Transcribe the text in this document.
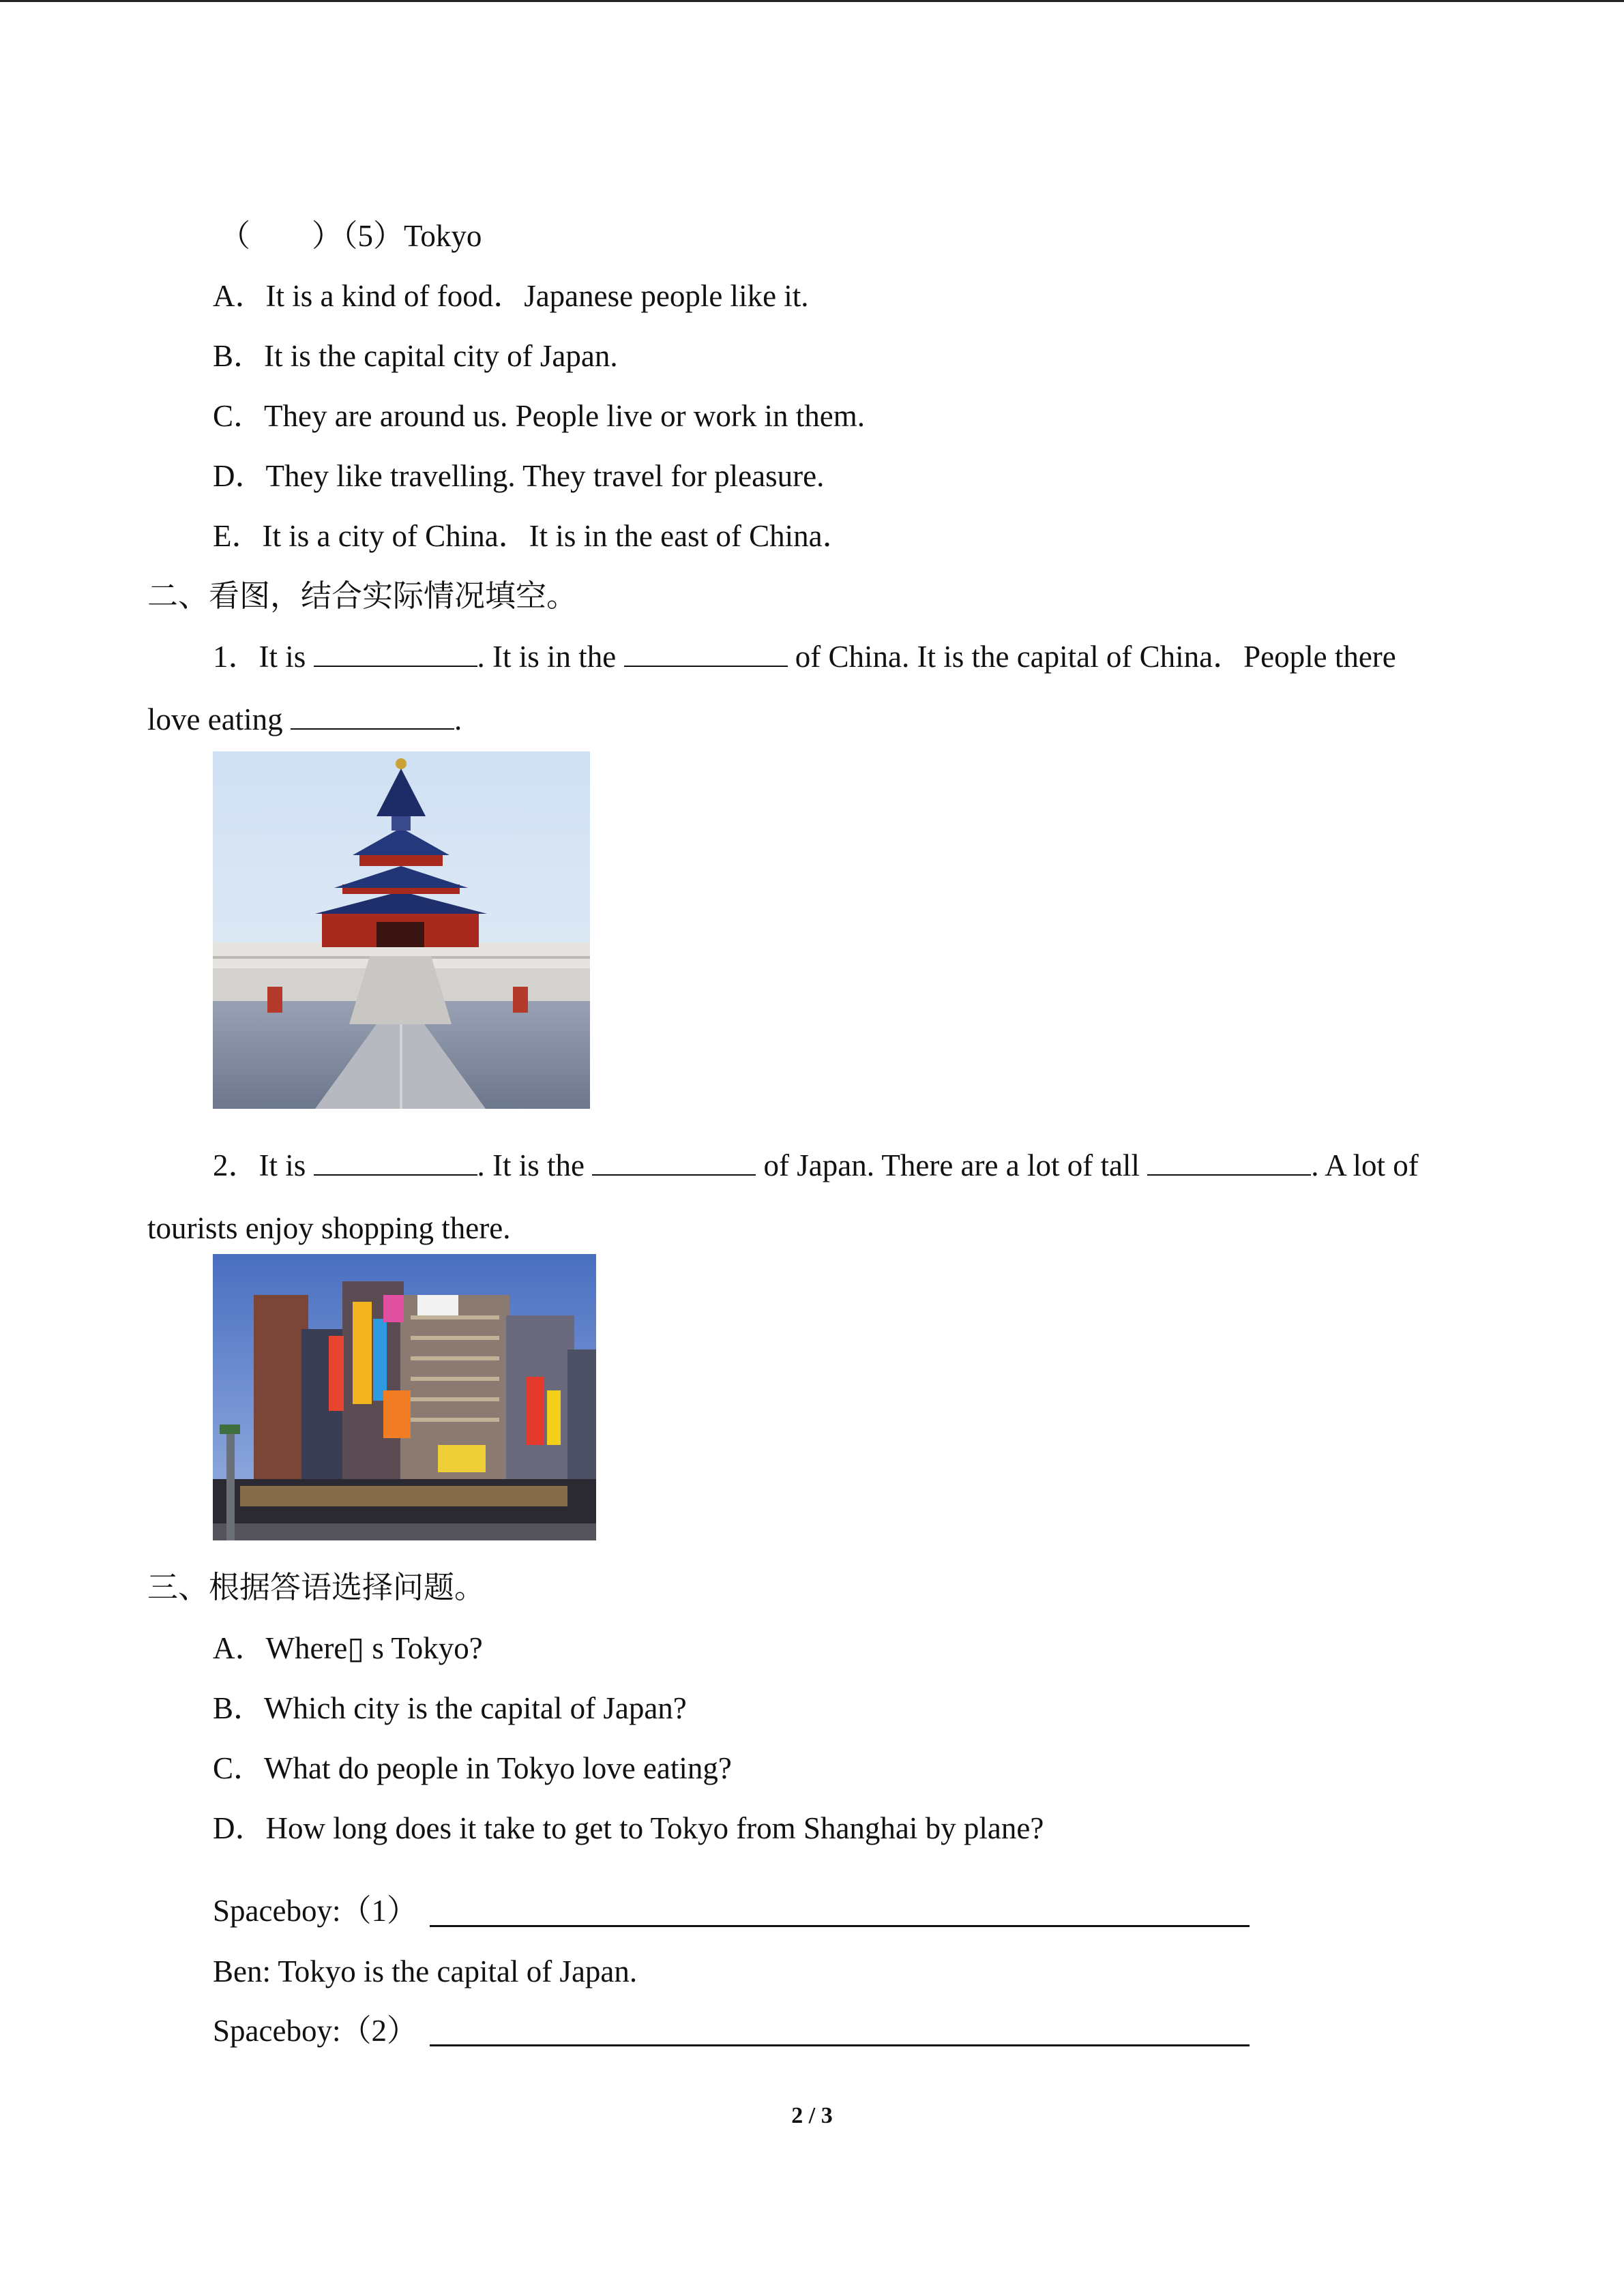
（　　）（5）Tokyo
A．It is a kind of food．Japanese people like it.
B．It is the capital city of Japan.
C．They are around us. People live or work in them.
D．They like travelling. They travel for pleasure.
E．It is a city of China．It is in the east of China．
二、看图，结合实际情况填空。
1．It is	. It is in the	of China. It is the capital of China．People there
love eating	.
2．It is	. It is the	of Japan. There are a lot of tall	. A lot of
tourists enjoy shopping there.
三、根据答语选择问题。
A．Where▯ s Tokyo?
B．Which city is the capital of Japan?
C．What do people in Tokyo love eating?
D．How long does it take to get to Tokyo from Shanghai by plane?
Spaceboy:（1）
Ben: Tokyo is the capital of Japan.
Spaceboy:（2）
2 / 3
